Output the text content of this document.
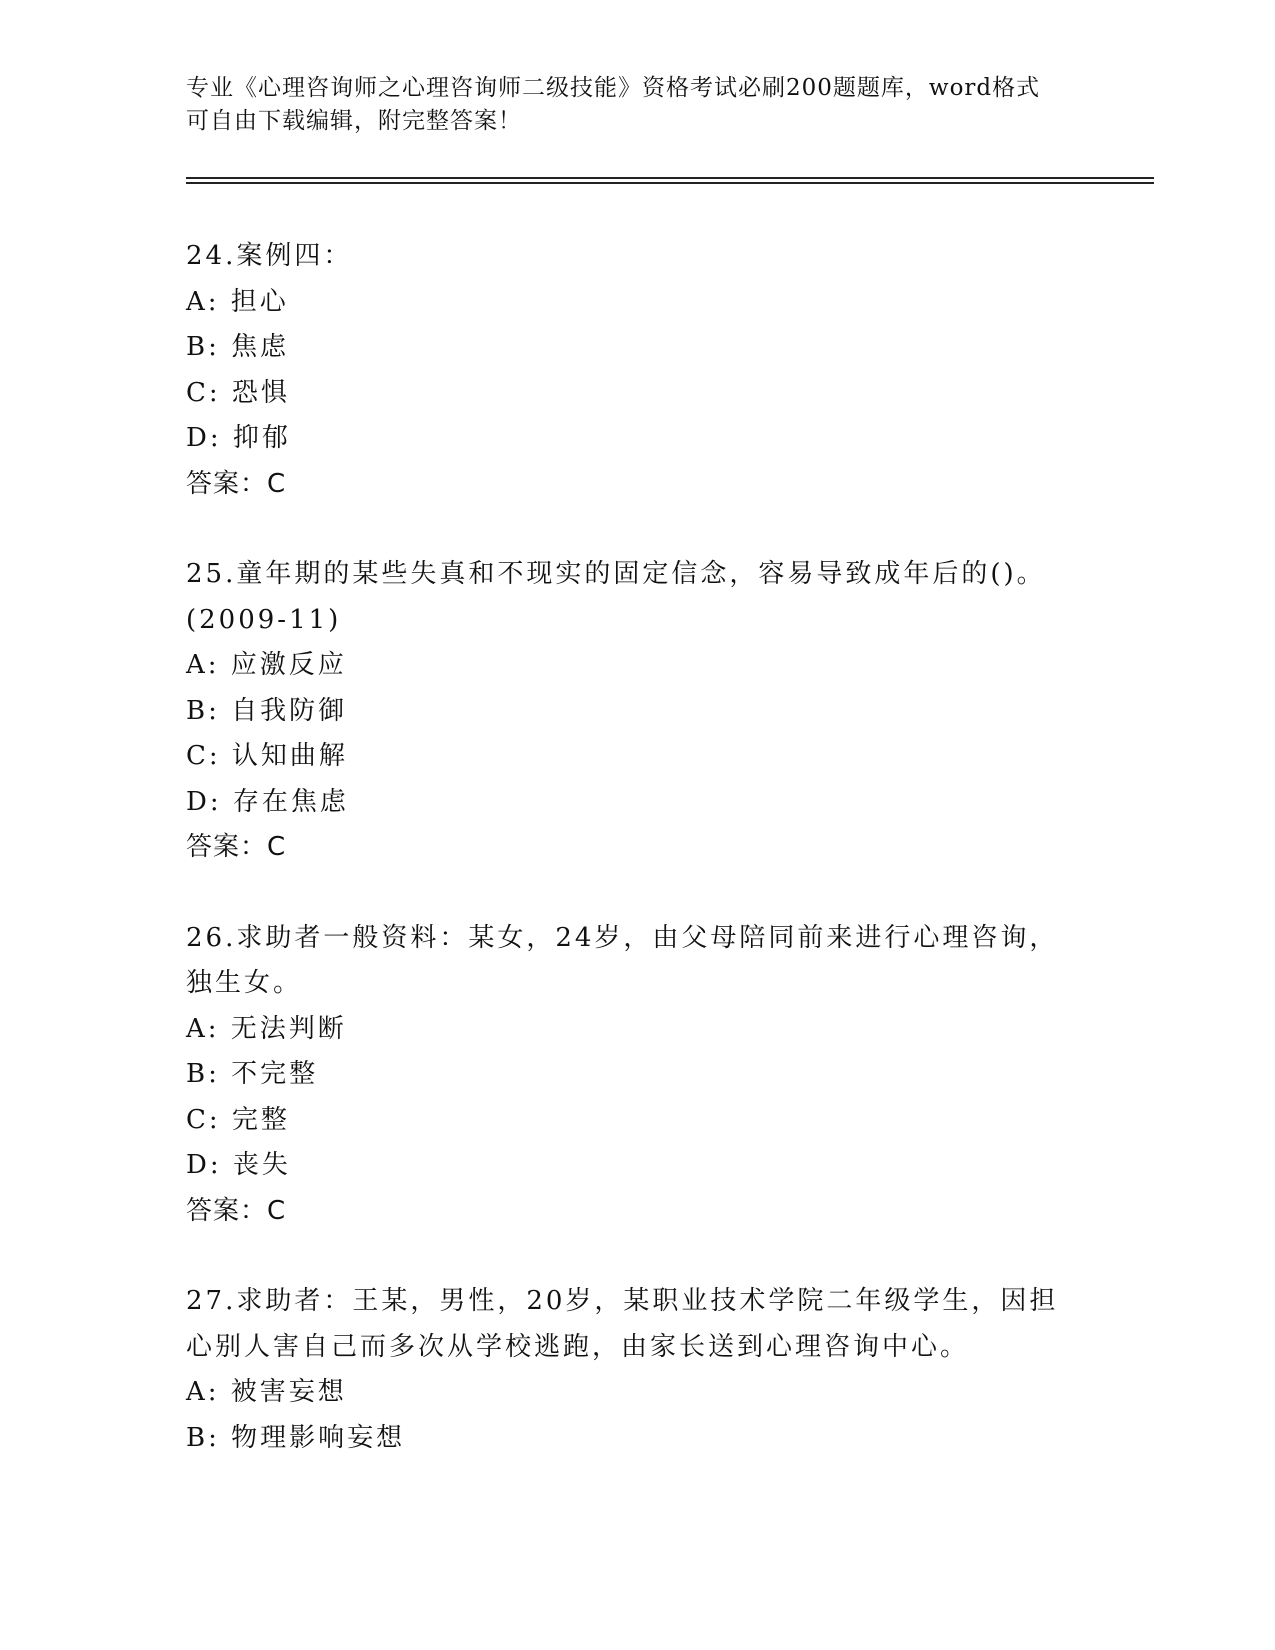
专业《心理咨询师之心理咨询师二级技能》资格考试必刷200题题库，word格式
可自由下载编辑，附完整答案！
24.案例四：
A: 担心
B: 焦虑
C: 恐惧
D: 抑郁
答案：C
25.童年期的某些失真和不现实的固定信念，容易导致成年后的()。
(2009-11)
A: 应激反应
B: 自我防御
C: 认知曲解
D: 存在焦虑
答案：C
26.求助者一般资料：某女，24岁，由父母陪同前来进行心理咨询，独生女。
A: 无法判断
B: 不完整
C: 完整
D: 丧失
答案：C
27.求助者：王某，男性，20岁，某职业技术学院二年级学生，因担心别人害自己而多次从学校逃跑，由家长送到心理咨询中心。
A: 被害妄想
B: 物理影响妄想
